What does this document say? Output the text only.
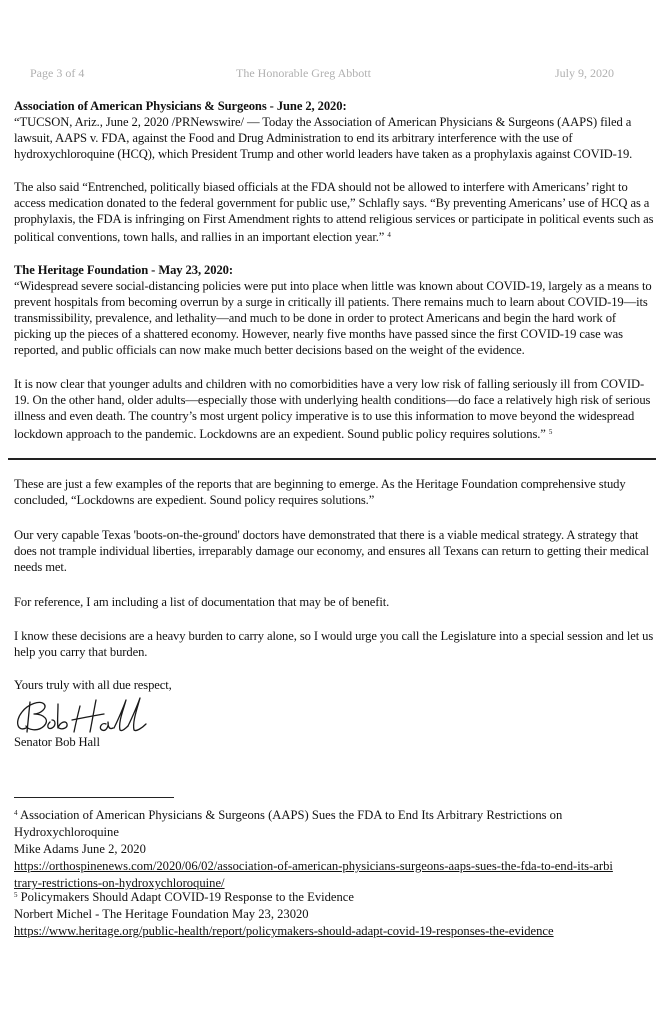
Page 3 of 4	The Honorable Greg Abbott	July 9, 2020

Association of American Physicians & Surgeons - June 2, 2020:

“TUCSON, Ariz., June 2, 2020 /PRNewswire/ — Today the Association of American Physicians & Surgeons (AAPS) filed a lawsuit, AAPS v. FDA, against the Food and Drug Administration to end its arbitrary interference with the use of hydroxychloroquine (HCQ), which President Trump and other world leaders have taken as a prophylaxis against COVID-19.

The also said “Entrenched, politically biased officials at the FDA should not be allowed to interfere with Americans’ right to access medication donated to the federal government for public use,” Schlafly says. “By preventing Americans’ use of HCQ as a prophylaxis, the FDA is infringing on First Amendment rights to attend religious services or participate in political events such as political conventions, town halls, and rallies in an important election year.” $^4$

The Heritage Foundation - May 23, 2020:

“Widespread severe social-distancing policies were put into place when little was known about COVID-19, largely as a means to prevent hospitals from becoming overrun by a surge in critically ill patients. There remains much to learn about COVID-19—its transmissibility, prevalence, and lethality—and much to be done in order to protect Americans and begin the hard work of picking up the pieces of a shattered economy. However, nearly five months have passed since the first COVID-19 case was reported, and public officials can now make much better decisions based on the weight of the evidence.

It is now clear that younger adults and children with no comorbidities have a very low risk of falling seriously ill from COVID-19. On the other hand, older adults—especially those with underlying health conditions—do face a relatively high risk of serious illness and even death. The country’s most urgent policy imperative is to use this information to move beyond the widespread lockdown approach to the pandemic. Lockdowns are an expedient. Sound public policy requires solutions.” $^5$

These are just a few examples of the reports that are beginning to emerge. As the Heritage Foundation comprehensive study concluded, “Lockdowns are expedient. Sound policy requires solutions.”

Our very capable Texas 'boots-on-the-ground' doctors have demonstrated that there is a viable medical strategy. A strategy that does not trample individual liberties, irreparably damage our economy, and ensures all Texans can return to getting their medical needs met.

For reference, I am including a list of documentation that may be of benefit.

I know these decisions are a heavy burden to carry alone, so I would urge you call the Legislature into a special session and let us help you carry that burden.

Yours truly with all due respect,

Senator Bob Hall

$^4$ Association of American Physicians & Surgeons (AAPS) Sues the FDA to End Its Arbitrary Restrictions on Hydroxychloroquine
Mike Adams June 2, 2020
https://orthospinenews.com/2020/06/02/association-of-american-physicians-surgeons-aaps-sues-the-fda-to-end-its-arbitrary-restrictions-on-hydroxychloroquine/
$^5$ Policymakers Should Adapt COVID-19 Response to the Evidence
Norbert Michel - The Heritage Foundation May 23, 23020
https://www.heritage.org/public-health/report/policymakers-should-adapt-covid-19-responses-the-evidence
